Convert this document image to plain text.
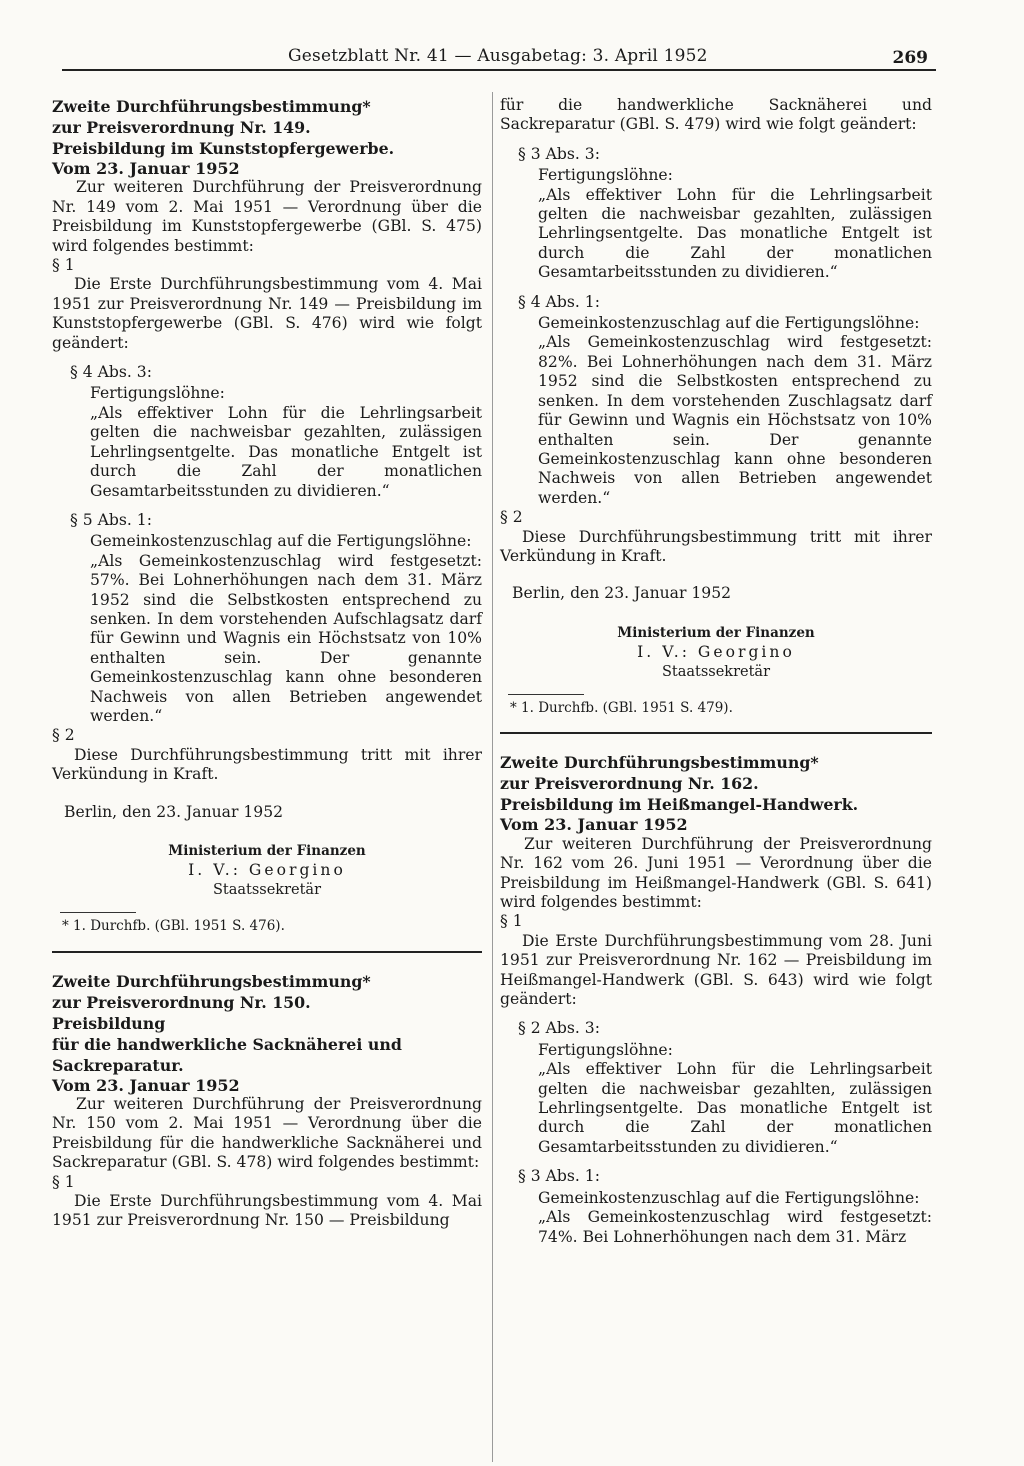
Gesetzblatt Nr. 41 — Ausgabetag: 3. April 1952	269

Zweite Durchführungsbestimmung*

zur Preisverordnung Nr. 149.

Preisbildung im Kunststopfergewerbe.

Vom 23. Januar 1952

Zur weiteren Durchführung der Preisverordnung Nr. 149 vom 2. Mai 1951 — Verordnung über die Preisbildung im Kunststopfergewerbe (GBl. S. 475) wird folgendes bestimmt:

§ 1

Die Erste Durchführungsbestimmung vom 4. Mai 1951 zur Preisverordnung Nr. 149 — Preisbildung im Kunststopfergewerbe (GBl. S. 476) wird wie folgt geändert:

§ 4 Abs. 3:

Fertigungslöhne:

„Als effektiver Lohn für die Lehrlingsarbeit gelten die nachweisbar gezahlten, zulässigen Lehrlingsentgelte. Das monatliche Entgelt ist durch die Zahl der monatlichen Gesamtarbeitsstunden zu dividieren.“

§ 5 Abs. 1:

Gemeinkostenzuschlag auf die Fertigungslöhne:

„Als Gemeinkostenzuschlag wird festgesetzt: 57%. Bei Lohnerhöhungen nach dem 31. März 1952 sind die Selbstkosten entsprechend zu senken. In dem vorstehenden Aufschlagsatz darf für Gewinn und Wagnis ein Höchstsatz von 10% enthalten sein. Der genannte Gemeinkostenzuschlag kann ohne besonderen Nachweis von allen Betrieben angewendet werden.“

§ 2

Diese Durchführungsbestimmung tritt mit ihrer Verkündung in Kraft.

Berlin, den 23. Januar 1952

Ministerium der Finanzen

I. V.: Georgino

Staatssekretär

* 1. Durchfb. (GBl. 1951 S. 476).

Zweite Durchführungsbestimmung*

zur Preisverordnung Nr. 150.

Preisbildung

für die handwerkliche Sacknäherei und

Sackreparatur.

Vom 23. Januar 1952

Zur weiteren Durchführung der Preisverordnung Nr. 150 vom 2. Mai 1951 — Verordnung über die Preisbildung für die handwerkliche Sacknäherei und Sackreparatur (GBl. S. 478) wird folgendes bestimmt:

§ 1

Die Erste Durchführungsbestimmung vom 4. Mai 1951 zur Preisverordnung Nr. 150 — Preisbildung

für die handwerkliche Sacknäherei und Sackreparatur (GBl. S. 479) wird wie folgt geändert:

§ 3 Abs. 3:

Fertigungslöhne:

„Als effektiver Lohn für die Lehrlingsarbeit gelten die nachweisbar gezahlten, zulässigen Lehrlingsentgelte. Das monatliche Entgelt ist durch die Zahl der monatlichen Gesamtarbeitsstunden zu dividieren.“

§ 4 Abs. 1:

Gemeinkostenzuschlag auf die Fertigungslöhne:

„Als Gemeinkostenzuschlag wird festgesetzt: 82%. Bei Lohnerhöhungen nach dem 31. März 1952 sind die Selbstkosten entsprechend zu senken. In dem vorstehenden Zuschlagsatz darf für Gewinn und Wagnis ein Höchstsatz von 10% enthalten sein. Der genannte Gemeinkostenzuschlag kann ohne besonderen Nachweis von allen Betrieben angewendet werden.“

§ 2

Diese Durchführungsbestimmung tritt mit ihrer Verkündung in Kraft.

Berlin, den 23. Januar 1952

Ministerium der Finanzen

I. V.: Georgino

Staatssekretär

* 1. Durchfb. (GBl. 1951 S. 479).

Zweite Durchführungsbestimmung*

zur Preisverordnung Nr. 162.

Preisbildung im Heißmangel-Handwerk.

Vom 23. Januar 1952

Zur weiteren Durchführung der Preisverordnung Nr. 162 vom 26. Juni 1951 — Verordnung über die Preisbildung im Heißmangel-Handwerk (GBl. S. 641) wird folgendes bestimmt:

§ 1

Die Erste Durchführungsbestimmung vom 28. Juni 1951 zur Preisverordnung Nr. 162 — Preisbildung im Heißmangel-Handwerk (GBl. S. 643) wird wie folgt geändert:

§ 2 Abs. 3:

Fertigungslöhne:

„Als effektiver Lohn für die Lehrlingsarbeit gelten die nachweisbar gezahlten, zulässigen Lehrlingsentgelte. Das monatliche Entgelt ist durch die Zahl der monatlichen Gesamtarbeitsstunden zu dividieren.“

§ 3 Abs. 1:

Gemeinkostenzuschlag auf die Fertigungslöhne:

„Als Gemeinkostenzuschlag wird festgesetzt: 74%. Bei Lohnerhöhungen nach dem 31. März
